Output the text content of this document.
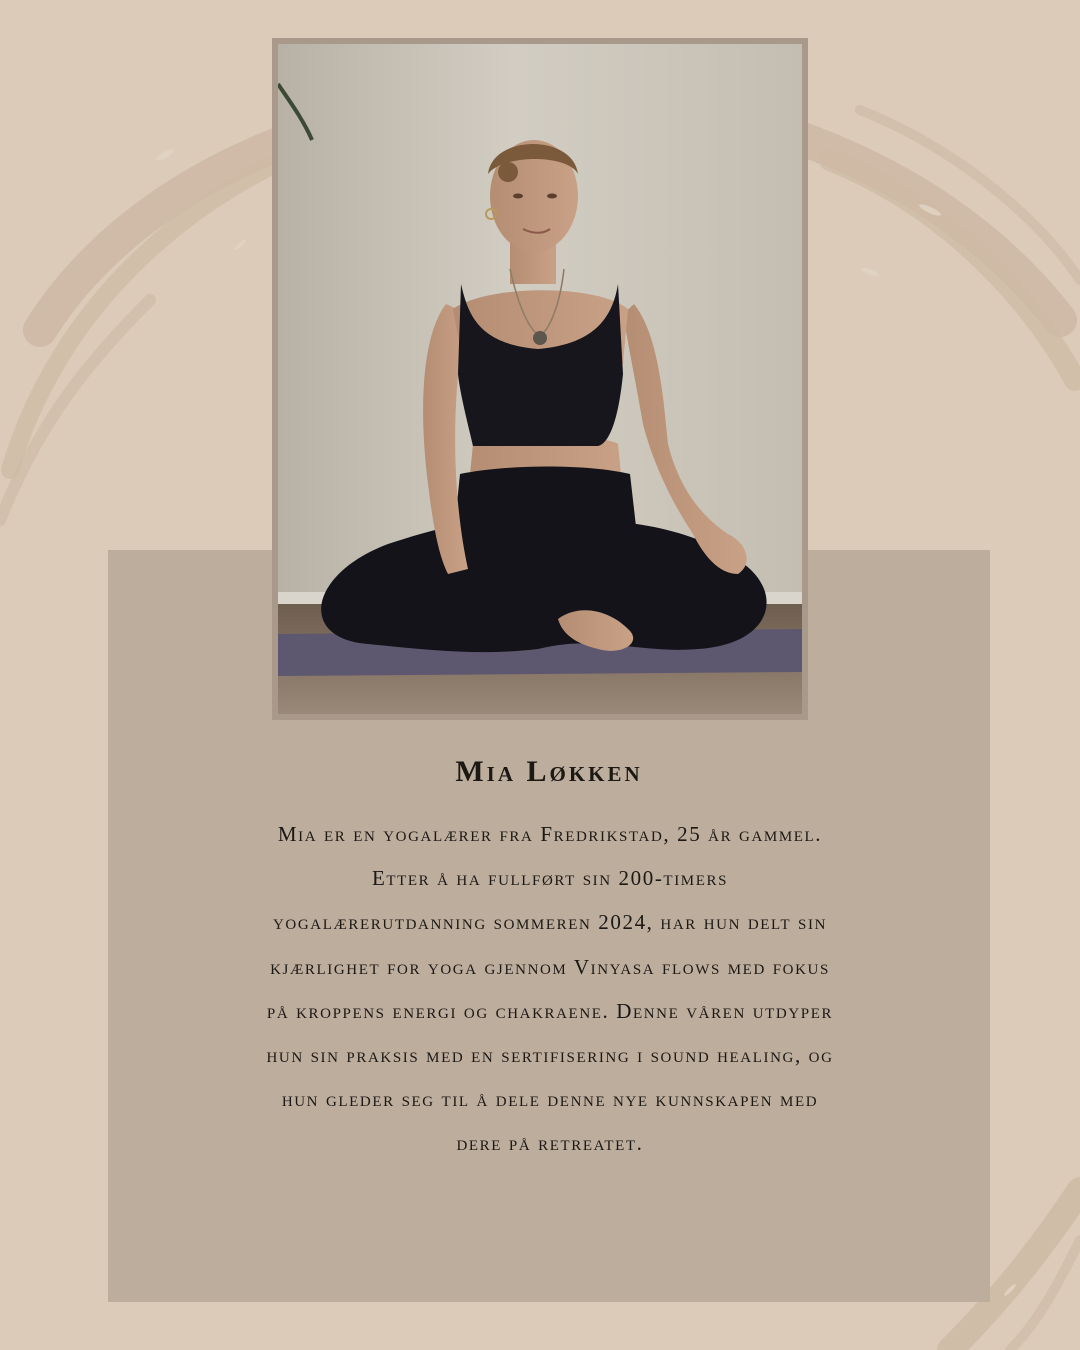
Mia Løkken

Mia er en yogalærer fra Fredrikstad, 25 år gammel. Etter å ha fullført sin 200-timers yogalærerutdanning sommeren 2024, har hun delt sin kjærlighet for yoga gjennom Vinyasa flows med fokus på kroppens energi og chakraene. Denne våren utdyper hun sin praksis med en sertifisering i sound healing, og hun gleder seg til å dele denne nye kunnskapen med dere på retreatet.
